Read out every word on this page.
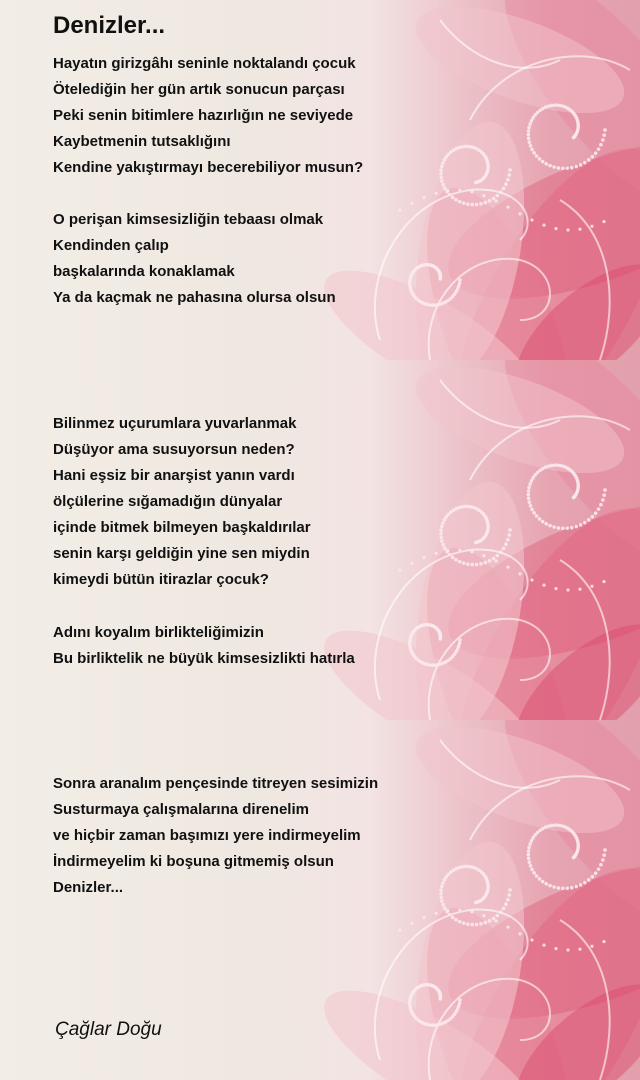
Denizler...
Hayatın girizgâhı seninle noktalandı çocuk
Ötelediğin her gün artık sonucun parçası
Peki senin bitimlere hazırlığın ne seviyede
Kaybetmenin tutsaklığını
Kendine yakıştırmayı becerebiliyor musun?
O perişan kimsesizliğin tebaası olmak
Kendinden çalıp
başkalarında konaklamak
Ya da kaçmak ne pahasına olursa olsun
Bilinmez uçurumlara yuvarlanmak
Düşüyor ama susuyorsun neden?
Hani eşsiz bir anarşist yanın vardı
ölçülerine sığamadığın dünyalar
içinde bitmek bilmeyen başkaldırılar
senin karşı geldiğin yine sen miydin
kimeydi bütün itirazlar çocuk?
Adını koyalım birlikteliğimizin
Bu birliktelik ne büyük kimsesizlikti hatırla
Sonra aranalım pençesinde titreyen sesimizin
Susturmaya çalışmalarına direnelim
ve hiçbir zaman başımızı yere indirmeyelim
İndirmeyelim ki boşuna gitmemiş olsun
Denizler...
Çağlar Doğu
